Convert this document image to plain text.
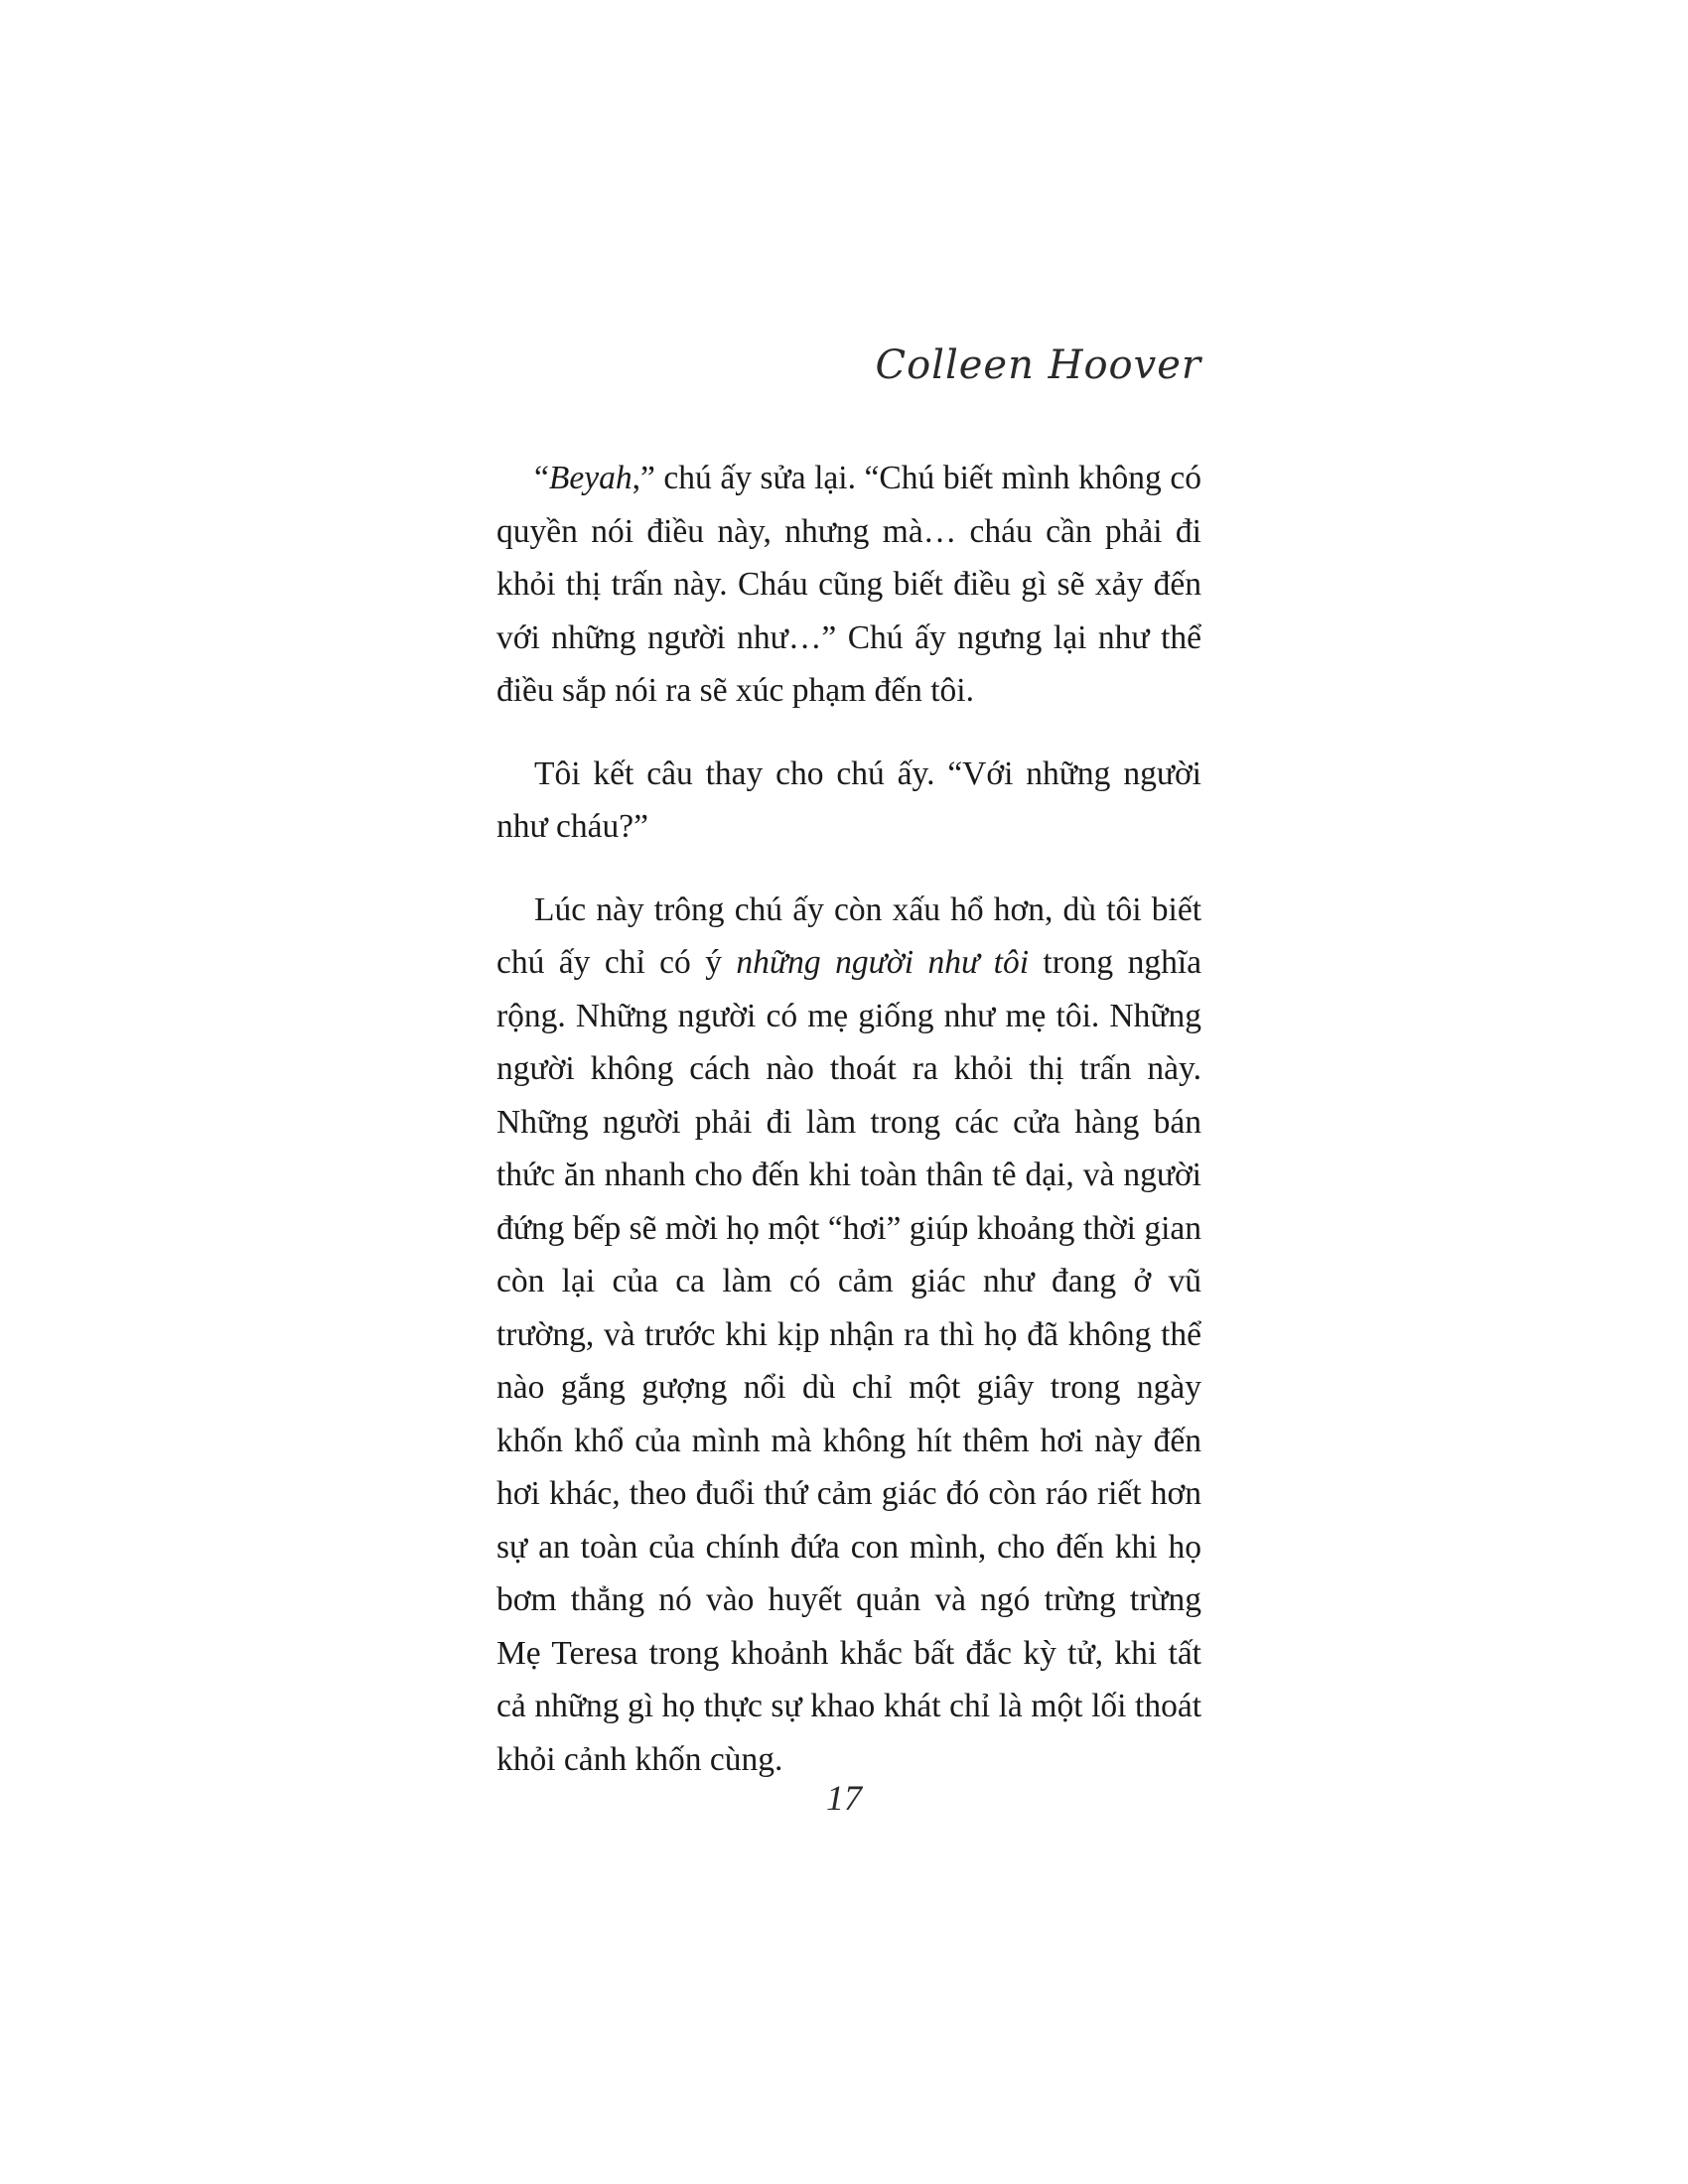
Colleen Hoover

“Beyah,” chú ấy sửa lại. “Chú biết mình không có quyền nói điều này, nhưng mà… cháu cần phải đi khỏi thị trấn này. Cháu cũng biết điều gì sẽ xảy đến với những người như…” Chú ấy ngưng lại như thể điều sắp nói ra sẽ xúc phạm đến tôi.

Tôi kết câu thay cho chú ấy. “Với những người như cháu?”

Lúc này trông chú ấy còn xấu hổ hơn, dù tôi biết chú ấy chỉ có ý những người như tôi trong nghĩa rộng. Những người có mẹ giống như mẹ tôi. Những người không cách nào thoát ra khỏi thị trấn này. Những người phải đi làm trong các cửa hàng bán thức ăn nhanh cho đến khi toàn thân tê dại, và người đứng bếp sẽ mời họ một “hơi” giúp khoảng thời gian còn lại của ca làm có cảm giác như đang ở vũ trường, và trước khi kịp nhận ra thì họ đã không thể nào gắng gượng nổi dù chỉ một giây trong ngày khốn khổ của mình mà không hít thêm hơi này đến hơi khác, theo đuổi thứ cảm giác đó còn ráo riết hơn sự an toàn của chính đứa con mình, cho đến khi họ bơm thẳng nó vào huyết quản và ngó trừng trừng Mẹ Teresa trong khoảnh khắc bất đắc kỳ tử, khi tất cả những gì họ thực sự khao khát chỉ là một lối thoát khỏi cảnh khốn cùng.

17
